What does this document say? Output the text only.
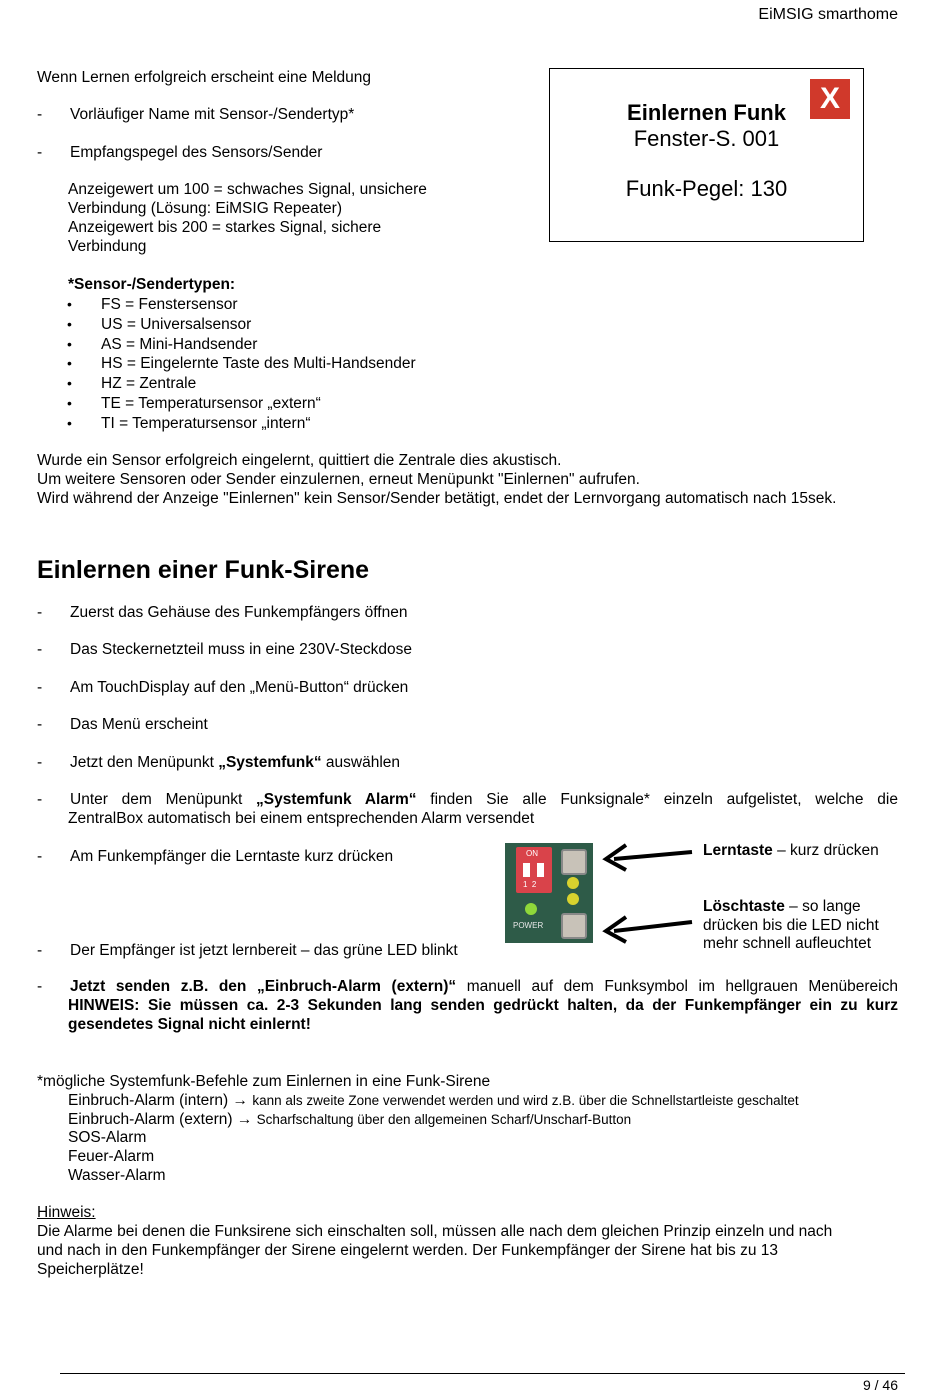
EiMSIG smarthome
Wenn Lernen erfolgreich erscheint eine Meldung
- Vorläufiger Name mit Sensor-/Sendertyp*
- Empfangspegel des Sensors/Sender
Anzeigewert um 100 = schwaches Signal, unsichere
Verbindung (Lösung: EiMSIG Repeater)
Anzeigewert bis 200 = starkes Signal, sichere
Verbindung
Einlernen Funk
Fenster-S. 001
Funk-Pegel: 130
X
*Sensor-/Sendertypen:
• FS = Fenstersensor
• US = Universalsensor
• AS = Mini-Handsender
• HS = Eingelernte Taste des Multi-Handsender
• HZ = Zentrale
• TE = Temperatursensor „extern“
• TI = Temperatursensor „intern“
Wurde ein Sensor erfolgreich eingelernt, quittiert die Zentrale dies akustisch.
Um weitere Sensoren oder Sender einzulernen, erneut Menüpunkt "Einlernen" aufrufen.
Wird während der Anzeige "Einlernen" kein Sensor/Sender betätigt, endet der Lernvorgang automatisch nach 15sek.
Einlernen einer Funk-Sirene
- Zuerst das Gehäuse des Funkempfängers öffnen
- Das Steckernetzteil muss in eine 230V-Steckdose
- Am TouchDisplay auf den „Menü-Button“ drücken
- Das Menü erscheint
- Jetzt den Menüpunkt „Systemfunk“ auswählen
- Unter dem Menüpunkt „Systemfunk Alarm“ finden Sie alle Funksignale* einzeln aufgelistet, welche die
ZentralBox automatisch bei einem entsprechenden Alarm versendet
- Am Funkempfänger die Lerntaste kurz drücken
- Der Empfänger ist jetzt lernbereit – das grüne LED blinkt
ON
1  2
POWER
Lerntaste – kurz drücken
Löschtaste – so lange
drücken bis die LED nicht
mehr schnell aufleuchtet
- Jetzt senden z.B. den „Einbruch-Alarm (extern)“ manuell auf dem Funksymbol im hellgrauen Menübereich
HINWEIS: Sie müssen ca. 2-3 Sekunden lang senden gedrückt halten, da der Funkempfänger ein zu kurz
gesendetes Signal nicht einlernt!
*mögliche Systemfunk-Befehle zum Einlernen in eine Funk-Sirene
Einbruch-Alarm (intern) → kann als zweite Zone verwendet werden und wird z.B. über die Schnellstartleiste geschaltet
Einbruch-Alarm (extern) → Scharfschaltung über den allgemeinen Scharf/Unscharf-Button
SOS-Alarm
Feuer-Alarm
Wasser-Alarm
Hinweis:
Die Alarme bei denen die Funksirene sich einschalten soll, müssen alle nach dem gleichen Prinzip einzeln und nach
und nach in den Funkempfänger der Sirene eingelernt werden. Der Funkempfänger der Sirene hat bis zu 13
Speicherplätze!
9 / 46
